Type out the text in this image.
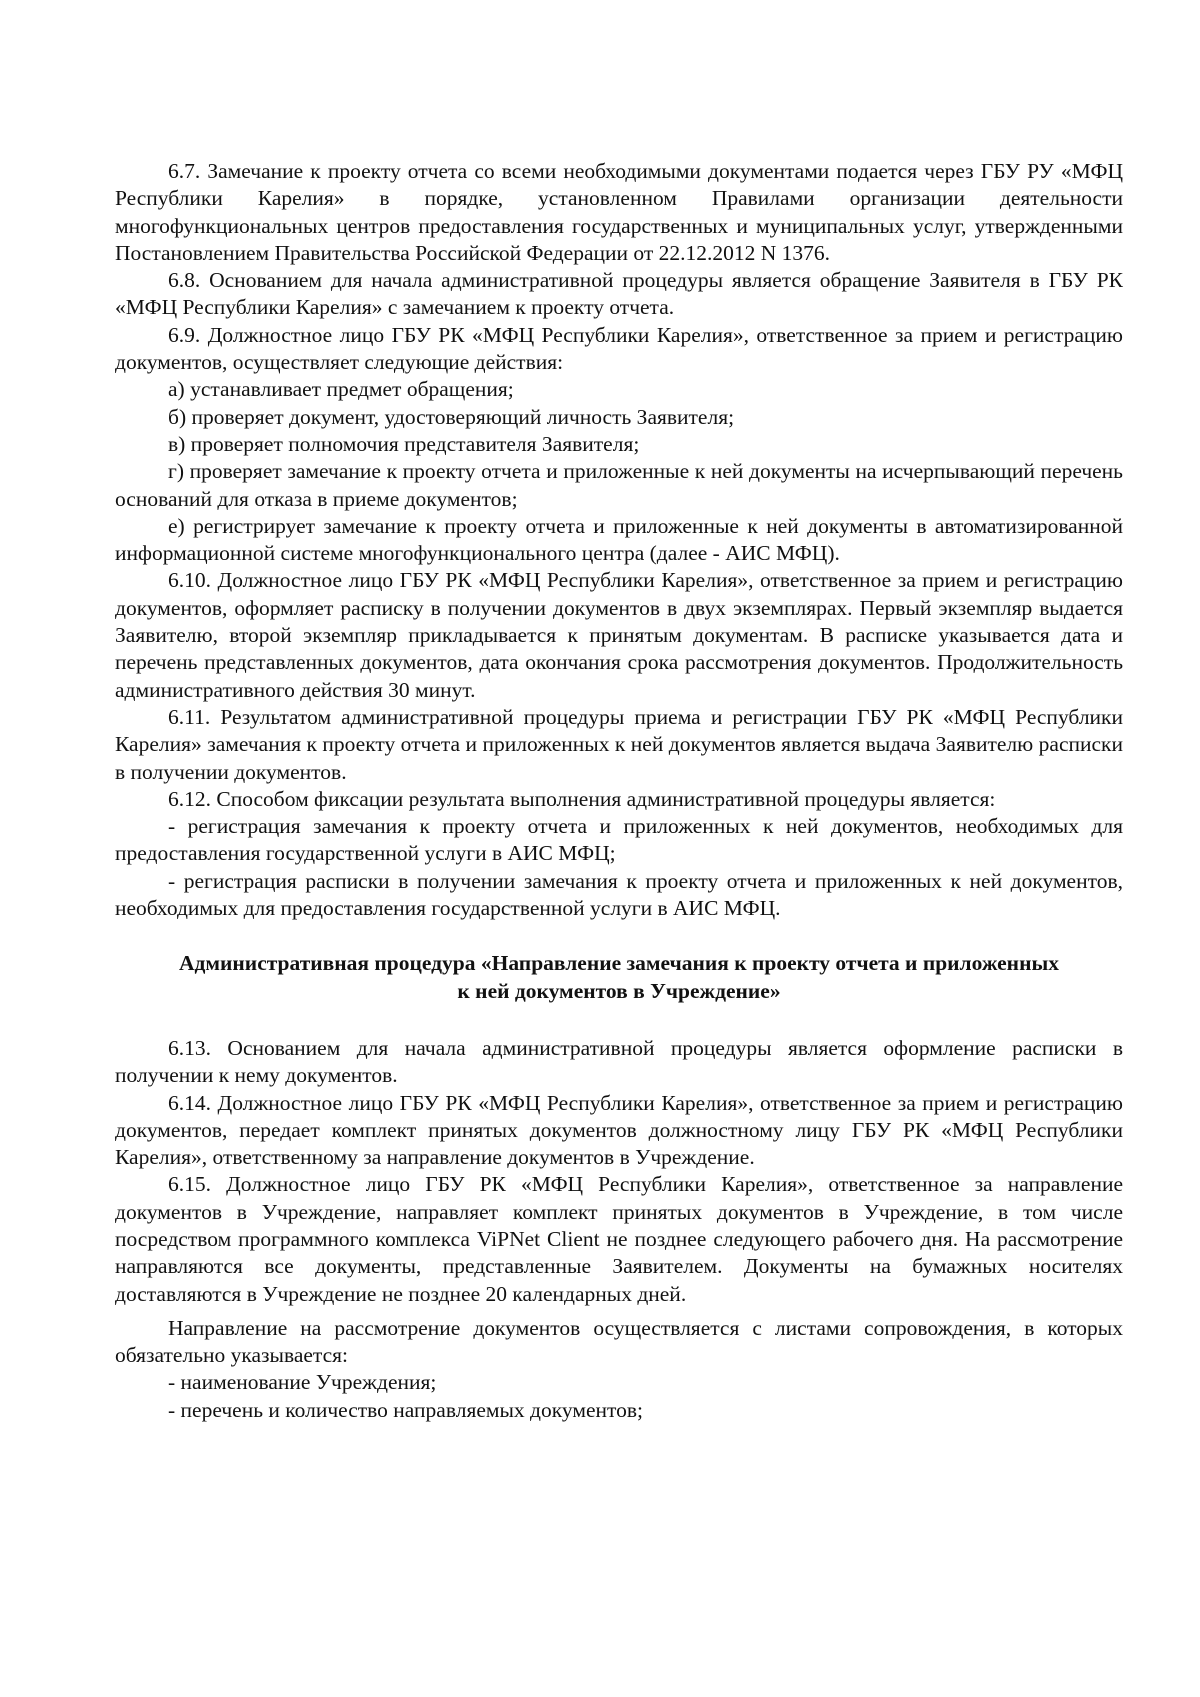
6.7. Замечание к проекту отчета со всеми необходимыми документами подается через ГБУ РУ «МФЦ Республики Карелия» в порядке, установленном Правилами организации деятельности многофункциональных центров предоставления государственных и муниципальных услуг, утвержденными Постановлением Правительства Российской Федерации от 22.12.2012 N 1376.

6.8. Основанием для начала административной процедуры является обращение Заявителя в ГБУ РК «МФЦ Республики Карелия» с замечанием к проекту отчета.

6.9. Должностное лицо ГБУ РК «МФЦ Республики Карелия», ответственное за прием и регистрацию документов, осуществляет следующие действия:

а) устанавливает предмет обращения;

б) проверяет документ, удостоверяющий личность Заявителя;

в) проверяет полномочия представителя Заявителя;

г) проверяет замечание к проекту отчета и приложенные к ней документы на исчерпывающий перечень оснований для отказа в приеме документов;

е) регистрирует замечание к проекту отчета и приложенные к ней документы в автоматизированной информационной системе многофункционального центра (далее - АИС МФЦ).

6.10. Должностное лицо ГБУ РК «МФЦ Республики Карелия», ответственное за прием и регистрацию документов, оформляет расписку в получении документов в двух экземплярах. Первый экземпляр выдается Заявителю, второй экземпляр прикладывается к принятым документам. В расписке указывается дата и перечень представленных документов, дата окончания срока рассмотрения документов. Продолжительность административного действия 30 минут.

6.11. Результатом административной процедуры приема и регистрации ГБУ РК «МФЦ Республики Карелия» замечания к проекту отчета и приложенных к ней документов является выдача Заявителю расписки в получении документов.

6.12. Способом фиксации результата выполнения административной процедуры является:

- регистрация замечания к проекту отчета и приложенных к ней документов, необходимых для предоставления государственной услуги в АИС МФЦ;

- регистрация расписки в получении замечания к проекту отчета и приложенных к ней документов, необходимых для предоставления государственной услуги в АИС МФЦ.

Административная процедура «Направление замечания к проекту отчета и приложенных
к ней документов в Учреждение»

6.13. Основанием для начала административной процедуры является оформление расписки в получении к нему документов.

6.14. Должностное лицо ГБУ РК «МФЦ Республики Карелия», ответственное за прием и регистрацию документов, передает комплект принятых документов должностному лицу ГБУ РК «МФЦ Республики Карелия», ответственному за направление документов в Учреждение.

6.15. Должностное лицо ГБУ РК «МФЦ Республики Карелия», ответственное за направление документов в Учреждение, направляет комплект принятых документов в Учреждение, в том числе посредством программного комплекса ViPNet Client не позднее следующего рабочего дня. На рассмотрение направляются все документы, представленные Заявителем. Документы на бумажных носителях доставляются в Учреждение не позднее 20 календарных дней.

Направление на рассмотрение документов осуществляется с листами сопровождения, в которых обязательно указывается:

- наименование Учреждения;

- перечень и количество направляемых документов;
